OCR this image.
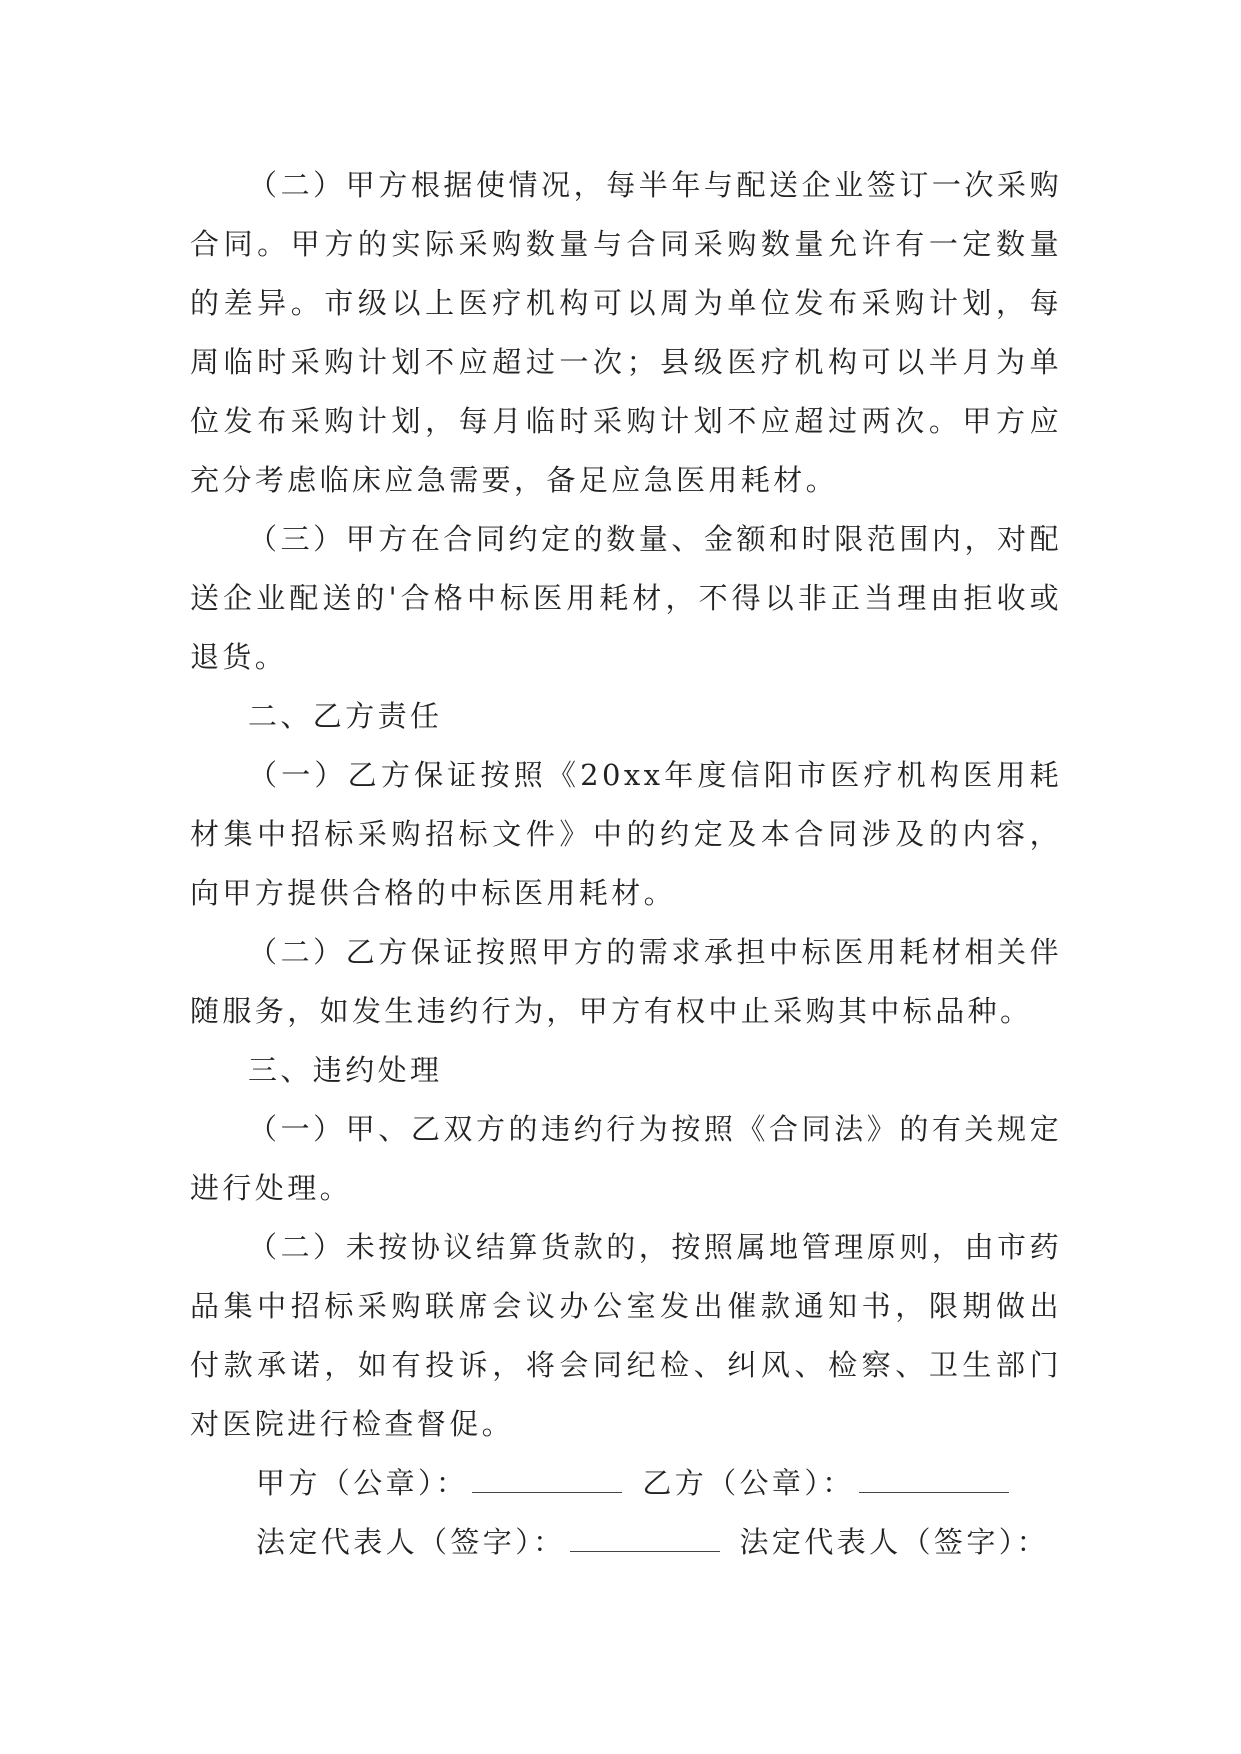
（二）甲方根据使情况，每半年与配送企业签订一次采购合同。甲方的实际采购数量与合同采购数量允许有一定数量的差异。市级以上医疗机构可以周为单位发布采购计划，每周临时采购计划不应超过一次；县级医疗机构可以半月为单位发布采购计划，每月临时采购计划不应超过两次。甲方应充分考虑临床应急需要，备足应急医用耗材。

（三）甲方在合同约定的数量、金额和时限范围内，对配送企业配送的'合格中标医用耗材，不得以非正当理由拒收或退货。

二、乙方责任

（一）乙方保证按照《20xx年度信阳市医疗机构医用耗材集中招标采购招标文件》中的约定及本合同涉及的内容，向甲方提供合格的中标医用耗材。

（二）乙方保证按照甲方的需求承担中标医用耗材相关伴随服务，如发生违约行为，甲方有权中止采购其中标品种。

三、违约处理

（一）甲、乙双方的违约行为按照《合同法》的有关规定进行处理。

（二）未按协议结算货款的，按照属地管理原则，由市药品集中招标采购联席会议办公室发出催款通知书，限期做出付款承诺，如有投诉，将会同纪检、纠风、检察、卫生部门对医院进行检查督促。

甲方（公章）：	乙方（公章）：

法定代表人（签字）：	法定代表人（签字）：
